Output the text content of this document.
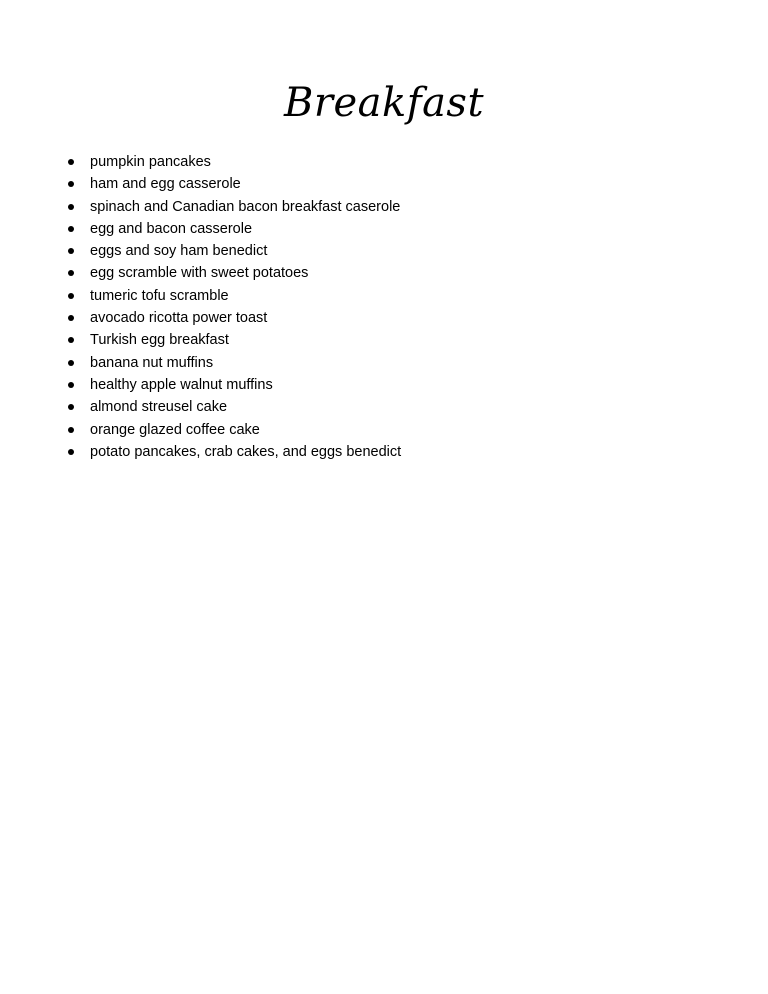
Breakfast
pumpkin pancakes
ham and egg casserole
spinach and Canadian bacon breakfast caserole
egg and bacon casserole
eggs and soy ham benedict
egg scramble with sweet potatoes
tumeric tofu scramble
avocado ricotta power toast
Turkish egg breakfast
banana nut muffins
healthy apple walnut muffins
almond streusel cake
orange glazed coffee cake
potato pancakes, crab cakes, and eggs benedict
